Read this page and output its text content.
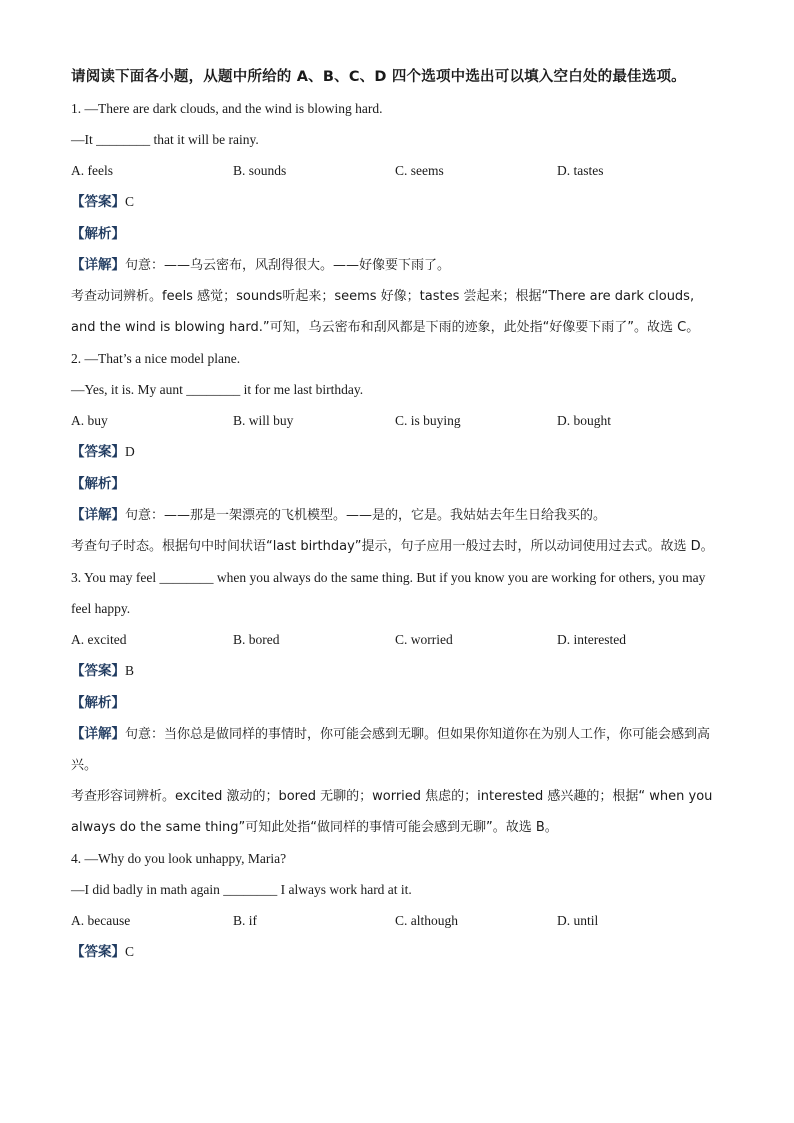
请阅读下面各小题，从题中所给的 A、B、C、D 四个选项中选出可以填入空白处的最佳选项。

1. —There are dark clouds, and the wind is blowing hard.

—It ________ that it will be rainy.

A. feels	B. sounds	C. seems	D. tastes

【答案】C

【解析】

【详解】句意：——乌云密布，风刮得很大。——好像要下雨了。

考查动词辨析。feels 感觉；sounds听起来；seems 好像；tastes 尝起来；根据“There are dark clouds, and the wind is blowing hard.”可知，乌云密布和刮风都是下雨的迹象，此处指“好像要下雨了”。故选 C。

2. —That’s a nice model plane.

—Yes, it is. My aunt ________ it for me last birthday.

A. buy	B. will buy	C. is buying	D. bought

【答案】D

【解析】

【详解】句意：——那是一架漂亮的飞机模型。——是的，它是。我姑姑去年生日给我买的。

考查句子时态。根据句中时间状语“last birthday”提示，句子应用一般过去时，所以动词使用过去式。故选 D。

3. You may feel ________ when you always do the same thing. But if you know you are working for others, you may feel happy.

A. excited	B. bored	C. worried	D. interested

【答案】B

【解析】

【详解】句意：当你总是做同样的事情时，你可能会感到无聊。但如果你知道你在为别人工作，你可能会感到高兴。

考查形容词辨析。excited 激动的；bored 无聊的；worried 焦虑的；interested 感兴趣的；根据“ when you always do the same thing”可知此处指“做同样的事情可能会感到无聊”。故选 B。

4. —Why do you look unhappy, Maria?

—I did badly in math again ________ I always work hard at it.

A. because	B. if	C. although	D. until

【答案】C
